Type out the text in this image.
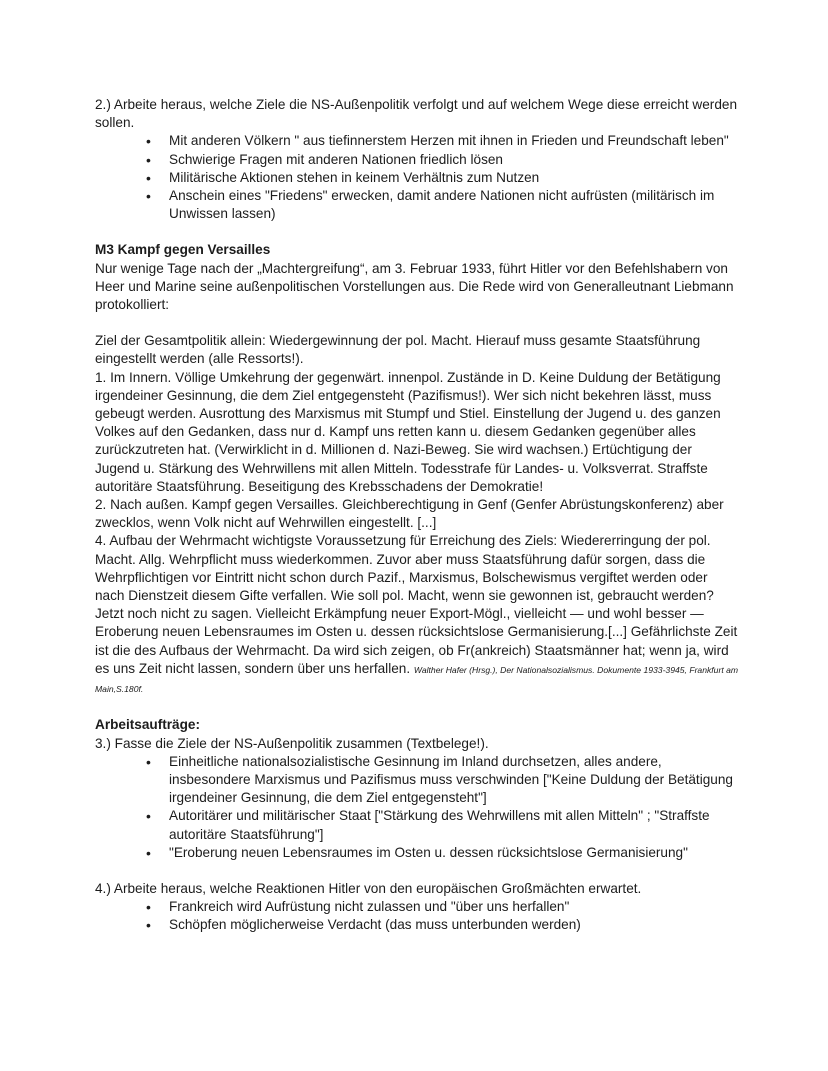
2.) Arbeite heraus, welche Ziele die NS-Außenpolitik verfolgt und auf welchem Wege diese erreicht werden sollen.

• Mit anderen Völkern " aus tiefinnerstem Herzen mit ihnen in Frieden und Freundschaft leben"
• Schwierige Fragen mit anderen Nationen friedlich lösen
• Militärische Aktionen stehen in keinem Verhältnis zum Nutzen
• Anschein eines "Friedens" erwecken, damit andere Nationen nicht aufrüsten (militärisch im Unwissen lassen)

M3 Kampf gegen Versailles

Nur wenige Tage nach der „Machtergreifung“, am 3. Februar 1933, führt Hitler vor den Befehlshabern von Heer und Marine seine außenpolitischen Vorstellungen aus. Die Rede wird von Generalleutnant Liebmann protokolliert:

Ziel der Gesamtpolitik allein: Wiedergewinnung der pol. Macht. Hierauf muss gesamte Staatsführung eingestellt werden (alle Ressorts!).

1. Im Innern. Völlige Umkehrung der gegenwärt. innenpol. Zustände in D. Keine Duldung der Betätigung irgendeiner Gesinnung, die dem Ziel entgegensteht (Pazifismus!). Wer sich nicht bekehren lässt, muss gebeugt werden. Ausrottung des Marxismus mit Stumpf und Stiel. Einstellung der Jugend u. des ganzen Volkes auf den Gedanken, dass nur d. Kampf uns retten kann u. diesem Gedanken gegenüber alles zurückzutreten hat. (Verwirklicht in d. Millionen d. Nazi-Beweg. Sie wird wachsen.) Ertüchtigung der Jugend u. Stärkung des Wehrwillens mit allen Mitteln. Todesstrafe für Landes- u. Volksverrat. Straffste autoritäre Staatsführung. Beseitigung des Krebsschadens der Demokratie!

2. Nach außen. Kampf gegen Versailles. Gleichberechtigung in Genf (Genfer Abrüstungskonferenz) aber zwecklos, wenn Volk nicht auf Wehrwillen eingestellt. [...]

4. Aufbau der Wehrmacht wichtigste Voraussetzung für Erreichung des Ziels: Wiedererringung der pol. Macht. Allg. Wehrpflicht muss wiederkommen. Zuvor aber muss Staatsführung dafür sorgen, dass die Wehrpflichtigen vor Eintritt nicht schon durch Pazif., Marxismus, Bolschewismus vergiftet werden oder nach Dienstzeit diesem Gifte verfallen. Wie soll pol. Macht, wenn sie gewonnen ist, gebraucht werden? Jetzt noch nicht zu sagen. Vielleicht Erkämpfung neuer Export-Mögl., vielleicht — und wohl besser — Eroberung neuen Lebensraumes im Osten u. dessen rücksichtslose Germanisierung.[...] Gefährlichste Zeit ist die des Aufbaus der Wehrmacht. Da wird sich zeigen, ob Fr(ankreich) Staatsmänner hat; wenn ja, wird es uns Zeit nicht lassen, sondern über uns herfallen. Walther Hafer (Hrsg.), Der Nationalsozialismus. Dokumente 1933-3945, Frankfurt am Main,S.180f.

Arbeitsaufträge:

3.) Fasse die Ziele der NS-Außenpolitik zusammen (Textbelege!).

• Einheitliche nationalsozialistische Gesinnung im Inland durchsetzen, alles andere, insbesondere Marxismus und Pazifismus muss verschwinden ["Keine Duldung der Betätigung irgendeiner Gesinnung, die dem Ziel entgegensteht"]
• Autoritärer und militärischer Staat ["Stärkung des Wehrwillens mit allen Mitteln" ; "Straffste autoritäre Staatsführung"]
• "Eroberung neuen Lebensraumes im Osten u. dessen rücksichtslose Germanisierung"

4.) Arbeite heraus, welche Reaktionen Hitler von den europäischen Großmächten erwartet.

• Frankreich wird Aufrüstung nicht zulassen und "über uns herfallen"
• Schöpfen möglicherweise Verdacht (das muss unterbunden werden)
